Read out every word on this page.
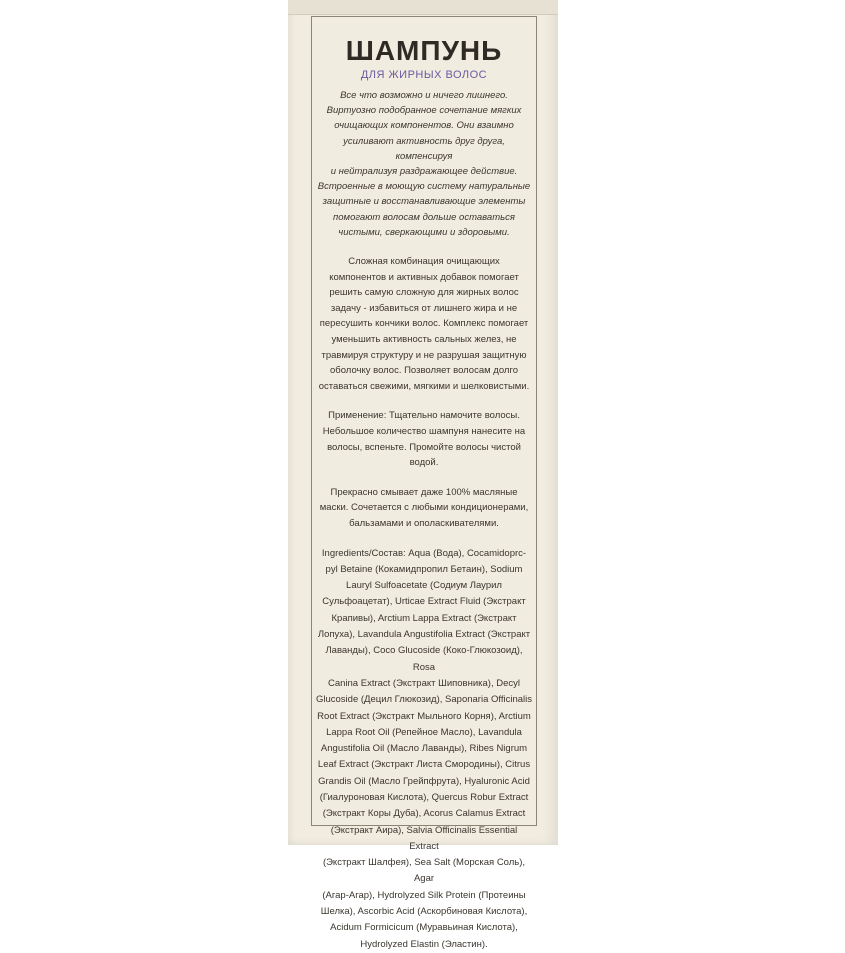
ШАМПУНЬ
ДЛЯ ЖИРНЫХ ВОЛОС
Все что возможно и ничего лишнего.
Виртуозно подобранное сочетание мягких
очищающих компонентов. Они взаимно
усиливают активность друг друга, компенсируя
и нейтрализуя раздражающее действие.
Встроенные в моющую систему натуральные
защитные и восстанавливающие элементы
помогают волосам дольше оставаться
чистыми, сверкающими и здоровыми.
Сложная комбинация очищающих
компонентов и активных добавок помогает
решить самую сложную для жирных волос
задачу - избавиться от лишнего жира и не
пересушить кончики волос. Комплекс помогает
уменьшить активность сальных желез, не
травмируя структуру и не разрушая защитную
оболочку волос. Позволяет волосам долго
оставаться свежими, мягкими и шелковистыми.
Применение: Тщательно намочите волосы.
Небольшое количество шампуня нанесите на
волосы, вспеньте. Промойте волосы чистой
водой.
Прекрасно смывает даже 100% масляные
маски. Сочетается с любыми кондиционерами,
бальзамами и ополаскивателями.
Ingredients/Состав: Aqua (Вода), Cocamidoprc-
pyl Betaine (Кокамидпропил Бетаин), Sodium
Lauryl Sulfoacetate (Содиум Лаурил
Сульфоацетат), Urticae Extract Fluid (Экстракт
Крапивы), Arctium Lappa Extract (Экстракт
Лопуха), Lavandula Angustifolia Extract (Экстракт
Лаванды), Coco Glucoside (Коко-Глюкозоид), Rosa
Canina Extract (Экстракт Шиповника), Decyl
Glucoside (Децил Глюкозид), Saponaria Officinalis
Root Extract (Экстракт Мыльного Корня), Arctium
Lappa Root Oil (Репейное Масло), Lavandula
Angustifolia Oil (Масло Лаванды), Ribes Nigrum
Leaf Extract (Экстракт Листа Смородины), Citrus
Grandis Oil (Масло Грейпфрута), Hyaluronic Acid
(Гиалуроновая Кислота), Quercus Robur Extract
(Экстракт Коры Дуба), Acorus Calamus Extract
(Экстракт Аира), Salvia Officinalis Essential Extract
(Экстракт Шалфея), Sea Salt (Морская Соль), Agar
(Агар-Агар), Hydrolyzed Silk Protein (Протеины
Шелка), Ascorbic Acid (Аскорбиновая Кислота),
Acidum Formicicum (Муравьиная Кислота),
Hydrolyzed Elastin (Эластин).
